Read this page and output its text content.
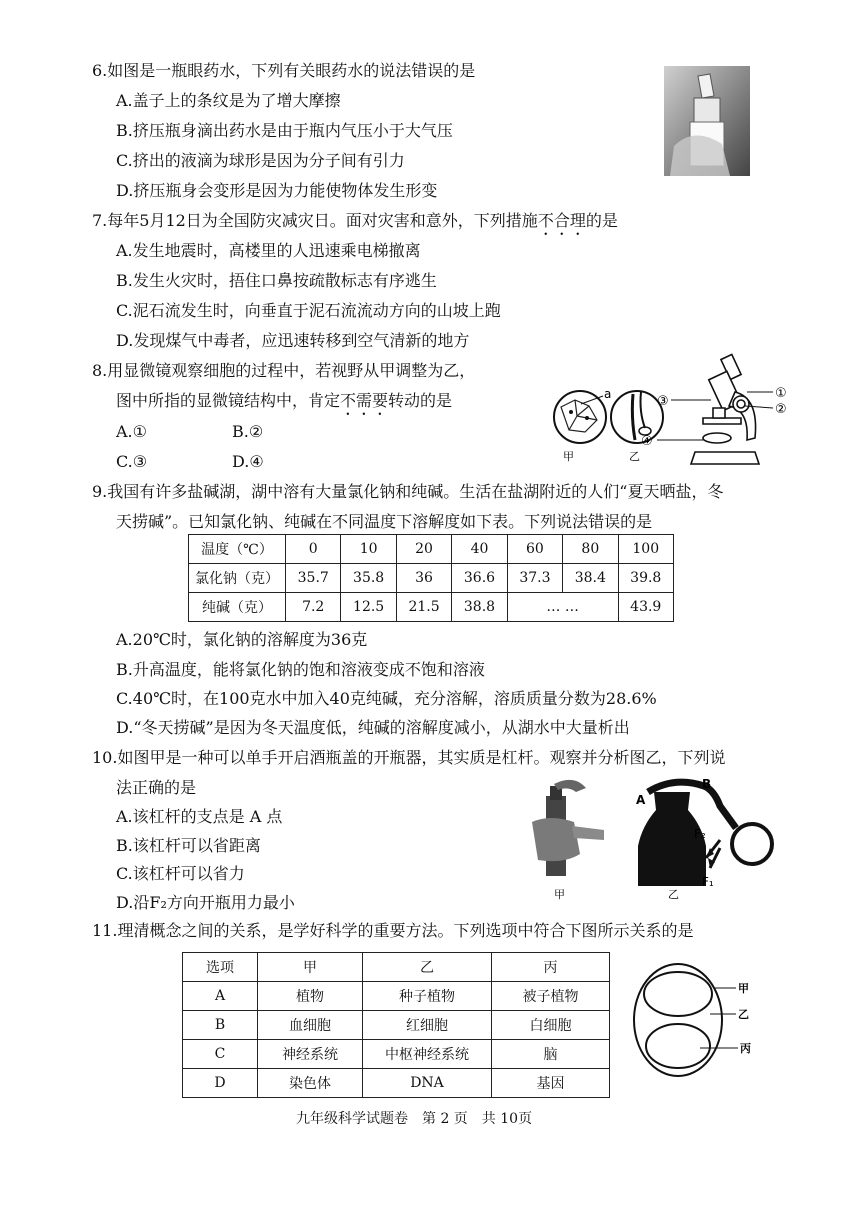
6.如图是一瓶眼药水，下列有关眼药水的说法错误的是
A.盖子上的条纹是为了增大摩擦
B.挤压瓶身滴出药水是由于瓶内气压小于大气压
C.挤出的液滴为球形是因为分子间有引力
D.挤压瓶身会变形是因为力能使物体发生形变
7.每年5月12日为全国防灾减灾日。面对灾害和意外，下列措施不合理的是
A.发生地震时，高楼里的人迅速乘电梯撤离
B.发生火灾时，捂住口鼻按疏散标志有序逃生
C.泥石流发生时，向垂直于泥石流流动方向的山坡上跑
D.发现煤气中毒者，应迅速转移到空气清新的地方
8.用显微镜观察细胞的过程中，若视野从甲调整为乙，
图中所指的显微镜结构中，肯定不需要转动的是
A.①	B.②
C.③	D.④
a
甲	乙
③
①
②
④
9.我国有许多盐碱湖，湖中溶有大量氯化钠和纯碱。生活在盐湖附近的人们“夏天晒盐，冬
天捞碱”。已知氯化钠、纯碱在不同温度下溶解度如下表。下列说法错误的是
温度（℃）	0	10	20	40	60	80	100
氯化钠（克）	35.7	35.8	36	36.6	37.3	38.4	39.8
纯碱（克）	7.2	12.5	21.5	38.8	… …		43.9
A.20℃时，氯化钠的溶解度为36克
B.升高温度，能将氯化钠的饱和溶液变成不饱和溶液
C.40℃时，在100克水中加入40克纯碱，充分溶解，溶质质量分数为28.6%
D.“冬天捞碱”是因为冬天温度低，纯碱的溶解度减小，从湖水中大量析出
10.如图甲是一种可以单手开启酒瓶盖的开瓶器，其实质是杠杆。观察并分析图乙，下列说
法正确的是
A.该杠杆的支点是 A 点
B.该杠杆可以省距离
C.该杠杆可以省力
D.沿F₂方向开瓶用力最小	甲
A
B
F₂
F₁
乙
11.理清概念之间的关系，是学好科学的重要方法。下列选项中符合下图所示关系的是
选项	甲	乙	丙
A	植物	种子植物	被子植物
B	血细胞	红细胞	白细胞
C	神经系统	中枢神经系统	脑
D	染色体	DNA	基因
甲
乙
丙
九年级科学试题卷　第 2 页　共 10页
